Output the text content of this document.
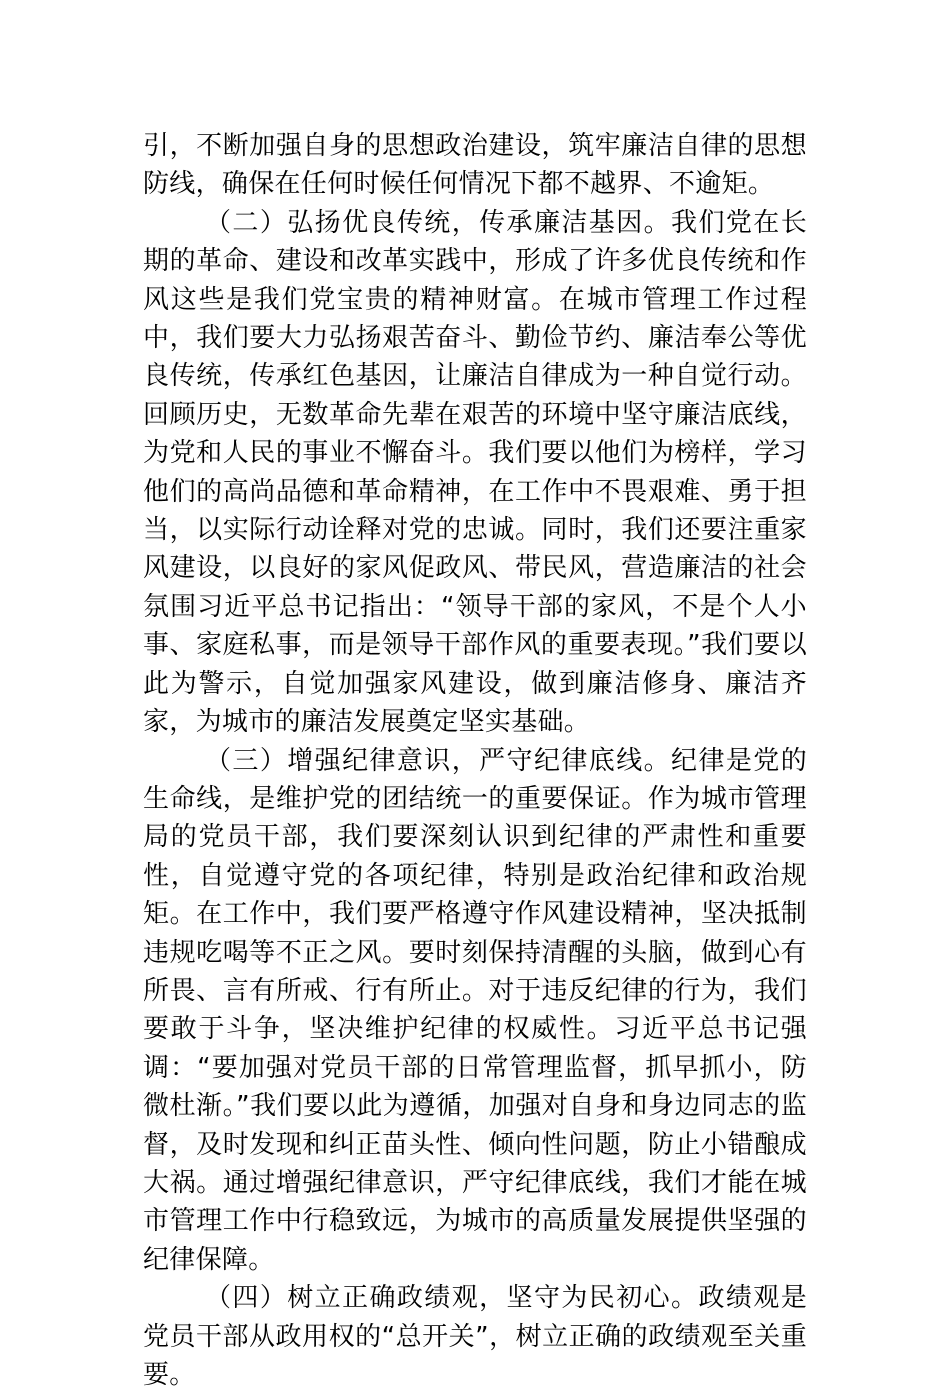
引，不断加强自身的思想政治建设，筑牢廉洁自律的思想防线，确保在任何时候任何情况下都不越界、不逾矩。

（二）弘扬优良传统，传承廉洁基因。我们党在长期的革命、建设和改革实践中，形成了许多优良传统和作风这些是我们党宝贵的精神财富。在城市管理工作过程中，我们要大力弘扬艰苦奋斗、勤俭节约、廉洁奉公等优良传统，传承红色基因，让廉洁自律成为一种自觉行动。回顾历史，无数革命先辈在艰苦的环境中坚守廉洁底线，为党和人民的事业不懈奋斗。我们要以他们为榜样，学习他们的高尚品德和革命精神，在工作中不畏艰难、勇于担当，以实际行动诠释对党的忠诚。同时，我们还要注重家风建设，以良好的家风促政风、带民风，营造廉洁的社会氛围习近平总书记指出：“领导干部的家风，不是个人小事、家庭私事，而是领导干部作风的重要表现。”我们要以此为警示，自觉加强家风建设，做到廉洁修身、廉洁齐家，为城市的廉洁发展奠定坚实基础。

（三）增强纪律意识，严守纪律底线。纪律是党的生命线，是维护党的团结统一的重要保证。作为城市管理局的党员干部，我们要深刻认识到纪律的严肃性和重要性，自觉遵守党的各项纪律，特别是政治纪律和政治规矩。在工作中，我们要严格遵守作风建设精神，坚决抵制违规吃喝等不正之风。要时刻保持清醒的头脑，做到心有所畏、言有所戒、行有所止。对于违反纪律的行为，我们要敢于斗争，坚决维护纪律的权威性。习近平总书记强调：“要加强对党员干部的日常管理监督，抓早抓小，防微杜渐。”我们要以此为遵循，加强对自身和身边同志的监督，及时发现和纠正苗头性、倾向性问题，防止小错酿成大祸。通过增强纪律意识，严守纪律底线，我们才能在城市管理工作中行稳致远，为城市的高质量发展提供坚强的纪律保障。

（四）树立正确政绩观，坚守为民初心。政绩观是党员干部从政用权的“总开关”，树立正确的政绩观至关重要。
